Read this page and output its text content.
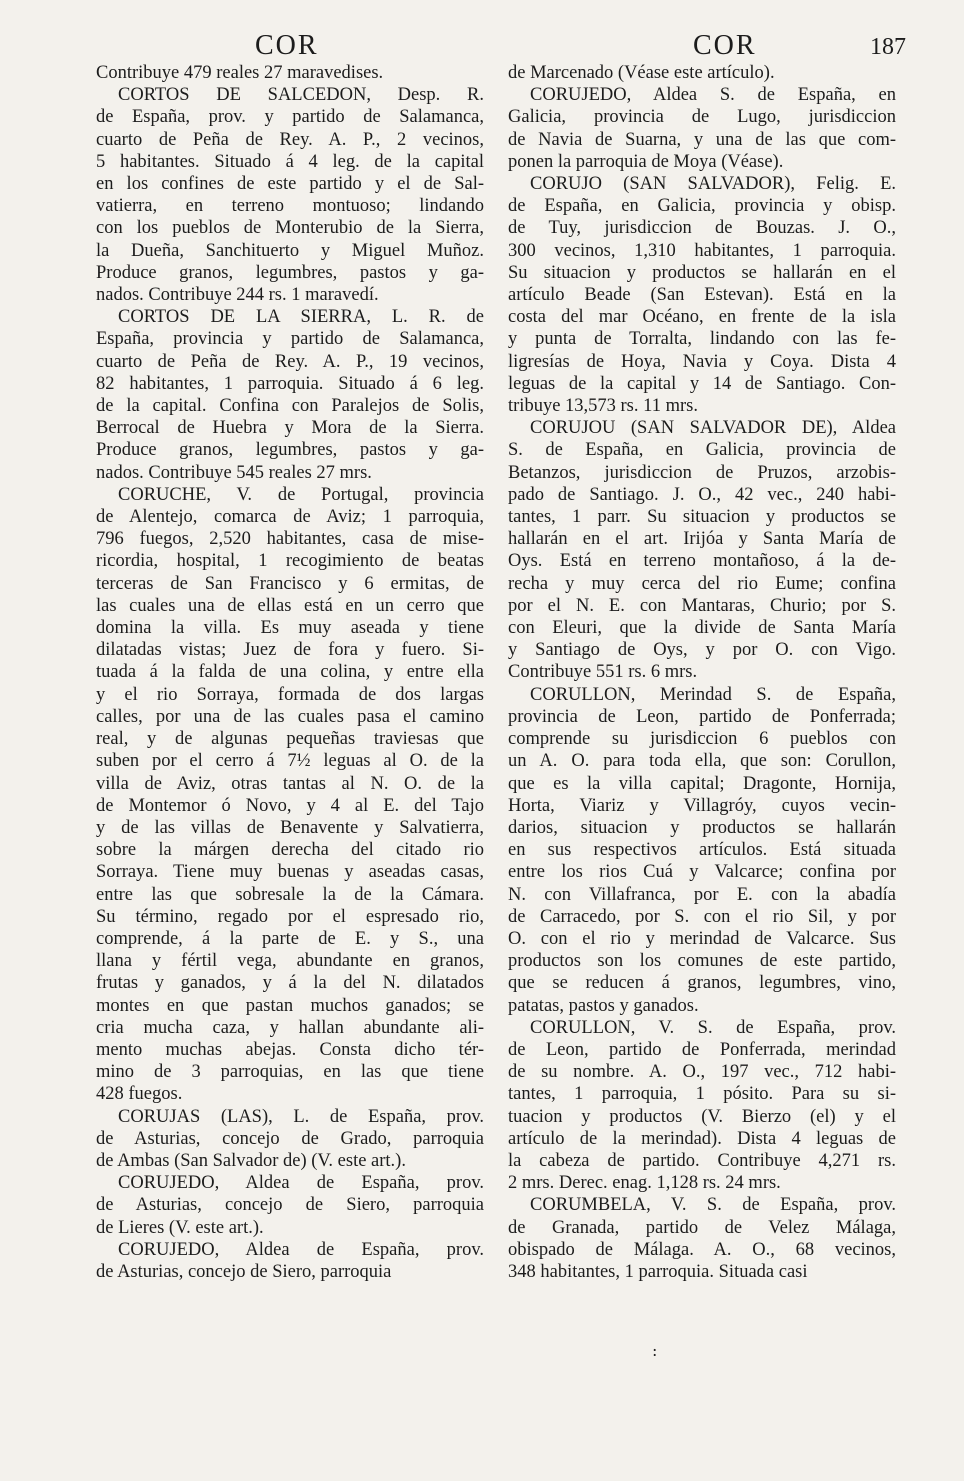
COR	COR	187
Contribuye 479 reales 27 maravedises.
CORTOS DE SALCEDON, Desp. R.
de España, prov. y partido de Salamanca,
cuarto de Peña de Rey. A. P., 2 vecinos,
5 habitantes. Situado á 4 leg. de la capital
en los confines de este partido y el de Sal-
vatierra, en terreno montuoso; lindando
con los pueblos de Monterubio de la Sierra,
la Dueña, Sanchituerto y Miguel Muñoz.
Produce granos, legumbres, pastos y ga-
nados. Contribuye 244 rs. 1 maravedí.
CORTOS DE LA SIERRA, L. R. de
España, provincia y partido de Salamanca,
cuarto de Peña de Rey. A. P., 19 vecinos,
82 habitantes, 1 parroquia. Situado á 6 leg.
de la capital. Confina con Paralejos de Solis,
Berrocal de Huebra y Mora de la Sierra.
Produce granos, legumbres, pastos y ga-
nados. Contribuye 545 reales 27 mrs.
CORUCHE, V. de Portugal, provincia
de Alentejo, comarca de Aviz; 1 parroquia,
796 fuegos, 2,520 habitantes, casa de mise-
ricordia, hospital, 1 recogimiento de beatas
terceras de San Francisco y 6 ermitas, de
las cuales una de ellas está en un cerro que
domina la villa. Es muy aseada y tiene
dilatadas vistas; Juez de fora y fuero. Si-
tuada á la falda de una colina, y entre ella
y el rio Sorraya, formada de dos largas
calles, por una de las cuales pasa el camino
real, y de algunas pequeñas traviesas que
suben por el cerro á 7½ leguas al O. de la
villa de Aviz, otras tantas al N. O. de la
de Montemor ó Novo, y 4 al E. del Tajo
y de las villas de Benavente y Salvatierra,
sobre la márgen derecha del citado rio
Sorraya. Tiene muy buenas y aseadas casas,
entre las que sobresale la de la Cámara.
Su término, regado por el espresado rio,
comprende, á la parte de E. y S., una
llana y fértil vega, abundante en granos,
frutas y ganados, y á la del N. dilatados
montes en que pastan muchos ganados; se
cria mucha caza, y hallan abundante ali-
mento muchas abejas. Consta dicho tér-
mino de 3 parroquias, en las que tiene
428 fuegos.
CORUJAS (LAS), L. de España, prov.
de Asturias, concejo de Grado, parroquia
de Ambas (San Salvador de) (V. este art.).
CORUJEDO, Aldea de España, prov.
de Asturias, concejo de Siero, parroquia
de Lieres (V. este art.).
CORUJEDO, Aldea de España, prov.
de Asturias, concejo de Siero, parroquia
de Marcenado (Véase este artículo).
CORUJEDO, Aldea S. de España, en
Galicia, provincia de Lugo, jurisdiccion
de Navia de Suarna, y una de las que com-
ponen la parroquia de Moya (Véase).
CORUJO (SAN SALVADOR), Felig. E.
de España, en Galicia, provincia y obisp.
de Tuy, jurisdiccion de Bouzas. J. O.,
300 vecinos, 1,310 habitantes, 1 parroquia.
Su situacion y productos se hallarán en el
artículo Beade (San Estevan). Está en la
costa del mar Océano, en frente de la isla
y punta de Torralta, lindando con las fe-
ligresías de Hoya, Navia y Coya. Dista 4
leguas de la capital y 14 de Santiago. Con-
tribuye 13,573 rs. 11 mrs.
CORUJOU (SAN SALVADOR DE), Aldea
S. de España, en Galicia, provincia de
Betanzos, jurisdiccion de Pruzos, arzobis-
pado de Santiago. J. O., 42 vec., 240 habi-
tantes, 1 parr. Su situacion y productos se
hallarán en el art. Irijóa y Santa María de
Oys. Está en terreno montañoso, á la de-
recha y muy cerca del rio Eume; confina
por el N. E. con Mantaras, Churio; por S.
con Eleuri, que la divide de Santa María
y Santiago de Oys, y por O. con Vigo.
Contribuye 551 rs. 6 mrs.
CORULLON, Merindad S. de España,
provincia de Leon, partido de Ponferrada;
comprende su jurisdiccion 6 pueblos con
un A. O. para toda ella, que son: Corullon,
que es la villa capital; Dragonte, Hornija,
Horta, Viariz y Villagróy, cuyos vecin-
darios, situacion y productos se hallarán
en sus respectivos artículos. Está situada
entre los rios Cuá y Valcarce; confina por
N. con Villafranca, por E. con la abadía
de Carracedo, por S. con el rio Sil, y por
O. con el rio y merindad de Valcarce. Sus
productos son los comunes de este partido,
que se reducen á granos, legumbres, vino,
patatas, pastos y ganados.
CORULLON, V. S. de España, prov.
de Leon, partido de Ponferrada, merindad
de su nombre. A. O., 197 vec., 712 habi-
tantes, 1 parroquia, 1 pósito. Para su si-
tuacion y productos (V. Bierzo (el) y el
artículo de la merindad). Dista 4 leguas de
la cabeza de partido. Contribuye 4,271 rs.
2 mrs. Derec. enag. 1,128 rs. 24 mrs.
CORUMBELA, V. S. de España, prov.
de Granada, partido de Velez Málaga,
obispado de Málaga. A. O., 68 vecinos,
348 habitantes, 1 parroquia. Situada casi
:
